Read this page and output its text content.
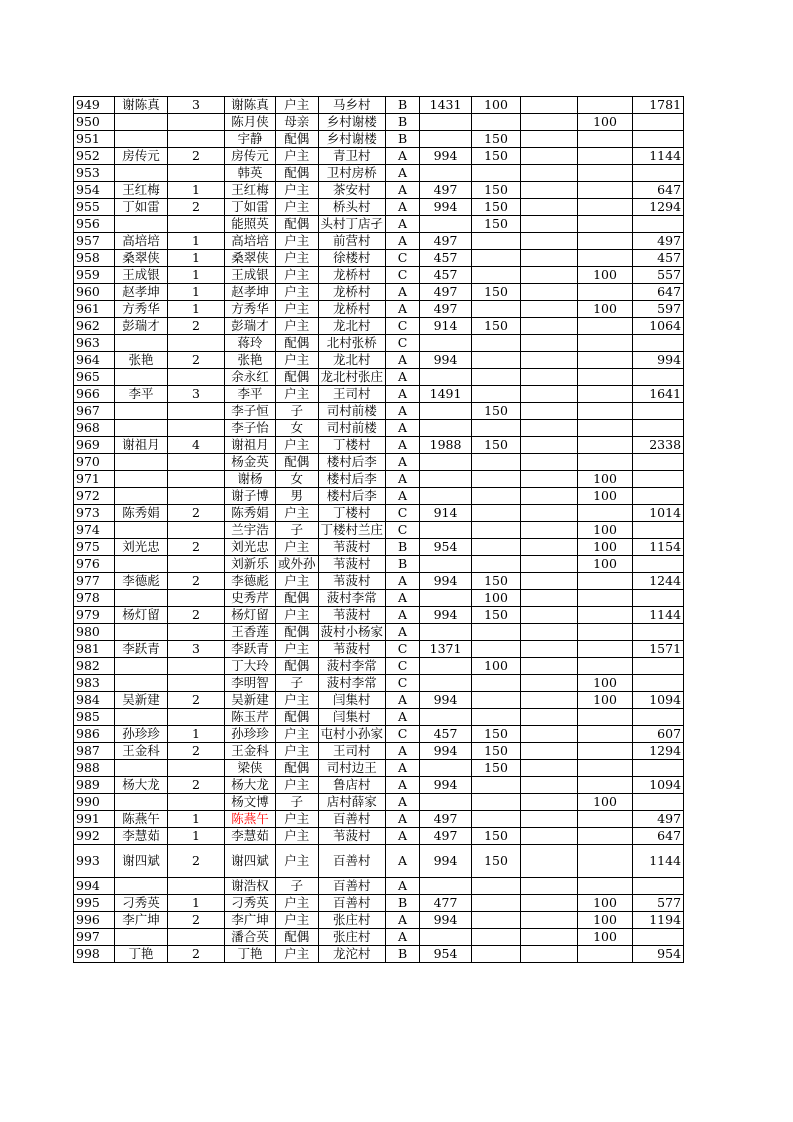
949	谢陈真	3	谢陈真	户主	马乡村	B	1431	100			1781
950			陈月侠	母亲	乡村谢楼	B				100	
951			宇静	配偶	乡村谢楼	B		150			
952	房传元	2	房传元	户主	青卫村	A	994	150			1144
953			韩英	配偶	卫村房桥	A					
954	王红梅	1	王红梅	户主	茶安村	A	497	150			647
955	丁如雷	2	丁如雷	户主	桥头村	A	994	150			1294
956			能照英	配偶	头村丁店孑	A		150			
957	高培培	1	高培培	户主	前营村	A	497				497
958	桑翠侠	1	桑翠侠	户主	徐楼村	C	457				457
959	王成银	1	王成银	户主	龙桥村	C	457			100	557
960	赵孝坤	1	赵孝坤	户主	龙桥村	A	497	150			647
961	方秀华	1	方秀华	户主	龙桥村	A	497			100	597
962	彭瑞才	2	彭瑞才	户主	龙北村	C	914	150			1064
963			蒋玲	配偶	北村张桥	C					
964	张艳	2	张艳	户主	龙北村	A	994				994
965			余永红	配偶	龙北村张庄	A					
966	李平	3	李平	户主	王司村	A	1491				1641
967			李子恒	子	司村前楼	A		150			
968			李子怡	女	司村前楼	A					
969	谢祖月	4	谢祖月	户主	丁楼村	A	1988	150			2338
970			杨金英	配偶	楼村后李	A					
971			谢杨	女	楼村后李	A				100	
972			谢子博	男	楼村后李	A				100	
973	陈秀娟	2	陈秀娟	户主	丁楼村	C	914				1014
974			兰宇浩	子	丁楼村兰庄	C				100	
975	刘光忠	2	刘光忠	户主	苇菠村	B	954			100	1154
976			刘新乐	或外孙	苇菠村	B				100	
977	李德彪	2	李德彪	户主	苇菠村	A	994	150			1244
978			史秀芹	配偶	菠村李常	A		100			
979	杨灯留	2	杨灯留	户主	苇菠村	A	994	150			1144
980			王香莲	配偶	菠村小杨家	A					
981	李跃青	3	李跃青	户主	苇菠村	C	1371				1571
982			丁大玲	配偶	菠村李常	C		100			
983			李明智	子	菠村李常	C				100	
984	吴新建	2	吴新建	户主	闫集村	A	994			100	1094
985			陈玉芹	配偶	闫集村	A					
986	孙珍珍	1	孙珍珍	户主	屯村小孙家	C	457	150			607
987	王金科	2	王金科	户主	王司村	A	994	150			1294
988			梁侠	配偶	司村边王	A		150			
989	杨大龙	2	杨大龙	户主	鲁店村	A	994				1094
990			杨文博	子	店村薛家	A				100	
991	陈燕午	1	陈燕午	户主	百善村	A	497				497
992	李慧茹	1	李慧茹	户主	苇菠村	A	497	150			647
993	谢四斌	2	谢四斌	户主	百善村	A	994	150			1144
994			谢浩权	子	百善村	A					
995	刁秀英	1	刁秀英	户主	百善村	B	477			100	577
996	李广坤	2	李广坤	户主	张庄村	A	994			100	1194
997			潘合英	配偶	张庄村	A				100	
998	丁艳	2	丁艳	户主	龙沱村	B	954				954
